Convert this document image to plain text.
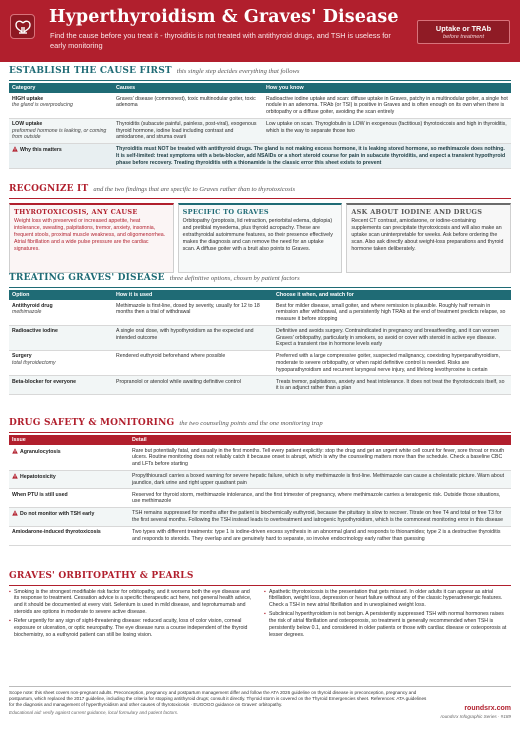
Hyperthyroidism & Graves' Disease
Find the cause before you treat it - thyroiditis is not treated with antithyroid drugs, and TSH is useless for early monitoring
Uptake or TRAb
before treatment
ESTABLISH THE CAUSE FIRST this single step decides everything that follows
Category	Causes	How you know
HIGH uptake
the gland is overproducing	Graves' disease (commonest), toxic multinodular goiter, toxic adenoma	Radioactive iodine uptake and scan: diffuse uptake in Graves, patchy in a multinodular goiter, a single hot nodule in an adenoma. TRAb (or TSI) is positive in Graves and is often enough on its own when there is orbitopathy or a diffuse goiter, avoiding the scan entirely
LOW uptake
preformed hormone is leaking, or coming from outside	Thyroiditis (subacute painful, painless, post-viral), exogenous thyroid hormone, iodine load including contrast and amiodarone, and struma ovarii	Low uptake on scan. Thyroglobulin is LOW in exogenous (factitious) thyrotoxicosis and high in thyroiditis, which is the way to separate those two
Why this matters	Thyroiditis must NOT be treated with antithyroid drugs. The gland is not making excess hormone, it is leaking stored hormone, so methimazole does nothing. It is self-limited: treat symptoms with a beta-blocker, add NSAIDs or a short steroid course for pain in subacute thyroiditis, and expect a transient hypothyroid phase before recovery. Treating thyroiditis with a thionamide is the classic error this sheet exists to prevent	
RECOGNIZE IT and the two findings that are specific to Graves rather than to thyrotoxicosis
THYROTOXICOSIS, ANY CAUSE

Weight loss with preserved or increased appetite, heat intolerance, sweating, palpitations, tremor, anxiety, insomnia, frequent stools, proximal muscle weakness, and oligomenorrhea. Atrial fibrillation and a wide pulse pressure are the cardiac signatures.

SPECIFIC TO GRAVES

Orbitopathy (proptosis, lid retraction, periorbital edema, diplopia) and pretibial myxedema, plus thyroid acropachy. These are extrathyroidal autoimmune features, so their presence effectively makes the diagnosis and can remove the need for an uptake scan. A diffuse goiter with a bruit also points to Graves.

ASK ABOUT IODINE AND DRUGS

Recent CT contrast, amiodarone, or iodine-containing supplements can precipitate thyrotoxicosis and will also make an uptake scan uninterpretable for weeks. Ask before ordering the scan. Also ask directly about weight-loss preparations and thyroid hormone taken deliberately.

TREATING GRAVES' DISEASE three definitive options, chosen by patient factors
Option	How it is used	Choose it when, and watch for
Antithyroid drug
methimazole	Methimazole is first-line, dosed by severity, usually for 12 to 18 months then a trial of withdrawal	Best for milder disease, small goiter, and where remission is plausible. Roughly half remain in remission after withdrawal, and a persistently high TRAb at the end of treatment predicts relapse, so measure it before stopping
Radioactive iodine	A single oral dose, with hypothyroidism as the expected and intended outcome	Definitive and avoids surgery. Contraindicated in pregnancy and breastfeeding, and it can worsen Graves' orbitopathy, particularly in smokers, so avoid or cover with steroid in active eye disease. Expect a transient rise in hormone levels early
Surgery
total thyroidectomy	Rendered euthyroid beforehand where possible	Preferred with a large compressive goiter, suspected malignancy, coexisting hyperparathyroidism, moderate to severe orbitopathy, or when rapid definitive control is needed. Risks are hypoparathyroidism and recurrent laryngeal nerve injury, and lifelong levothyroxine is certain
Beta-blocker for everyone	Propranolol or atenolol while awaiting definitive control	Treats tremor, palpitations, anxiety and heat intolerance. It does not treat the thyrotoxicosis itself, so it is an adjunct rather than a plan
DRUG SAFETY & MONITORING the two counseling points and the one monitoring trap
Issue	Detail
Agranulocytosis	Rare but potentially fatal, and usually in the first months. Tell every patient explicitly: stop the drug and get an urgent white cell count for fever, sore throat or mouth ulcers. Routine monitoring does not reliably catch it because onset is abrupt, which is why the counseling matters more than the schedule. Check a baseline CBC and LFTs before starting
Hepatotoxicity	Propylthiouracil carries a boxed warning for severe hepatic failure, which is why methimazole is first-line. Methimazole can cause a cholestatic picture. Warn about jaundice, dark urine and right upper quadrant pain
When PTU is still used	Reserved for thyroid storm, methimazole intolerance, and the first trimester of pregnancy, where methimazole carries a teratogenic risk. Outside those situations, use methimazole
Do not monitor with TSH early	TSH remains suppressed for months after the patient is biochemically euthyroid, because the pituitary is slow to recover. Titrate on free T4 and total or free T3 for the first several months. Following the TSH instead leads to overtreatment and iatrogenic hypothyroidism, which is the commonest monitoring error in this disease
Amiodarone-induced thyrotoxicosis	Two types with different treatments: type 1 is iodine-driven excess synthesis in an abnormal gland and responds to thionamides; type 2 is a destructive thyroiditis and responds to steroids. They overlap and are genuinely hard to separate, so involve endocrinology early rather than guessing
GRAVES' ORBITOPATHY & PEARLS
▪ Smoking is the strongest modifiable risk factor for orbitopathy, and it worsens both the eye disease and its response to treatment. Cessation advice is a specific therapeutic act here, not general health advice, and it should be documented at every visit. Selenium is used in mild disease, and teprotumumab and steroids are options in moderate to severe active disease.
▪ Refer urgently for any sign of sight-threatening disease: reduced acuity, loss of color vision, corneal exposure or ulceration, or optic neuropathy. The eye disease runs a course independent of the thyroid biochemistry, so a euthyroid patient can still be losing vision.
▪ Apathetic thyrotoxicosis is the presentation that gets missed. In older adults it can appear as atrial fibrillation, weight loss, depression or heart failure without any of the classic hyperadrenergic features. Check a TSH in new atrial fibrillation and in unexplained weight loss.
▪ Subclinical hyperthyroidism is not benign. A persistently suppressed TSH with normal hormones raises the risk of atrial fibrillation and osteoporosis, so treatment is generally recommended when TSH is persistently below 0.1, and considered in older patients or those with cardiac disease or osteoporosis at lesser degrees.
Scope note: this sheet covers non-pregnant adults. Preconception, pregnancy and postpartum management differ and follow the ATA 2026 guideline on thyroid disease in preconception, pregnancy and postpartum, which replaced the 2017 guideline, including the criteria for stopping antithyroid drugs; consult it directly. Thyroid storm is covered on the Thyroid Emergencies sheet. References: ATA guidelines for the diagnosis and management of hyperthyroidism and other causes of thyrotoxicosis · EUGOGO guidance on Graves' orbitopathy.
Educational aid: verify against current guidance, local formulary and patient factors.
roundsrx.com
roundsrx Infographic Series · #189
